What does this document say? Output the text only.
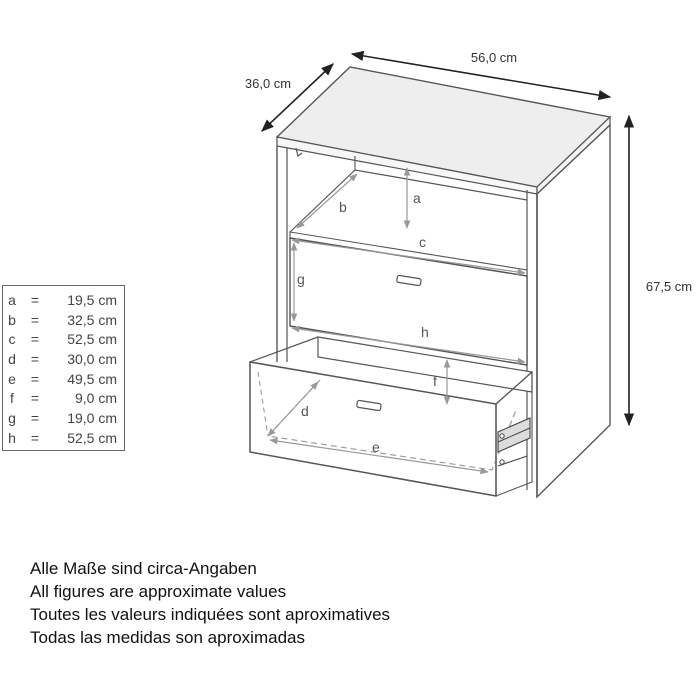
56,0 cm
36,0 cm
67,5 cm
a
b
c
d
e
f
g
h
a	=	19,5 cm
b	=	32,5 cm
c	=	52,5 cm
d	=	30,0 cm
e	=	49,5 cm
f	=	9,0 cm
g	=	19,0 cm
h	=	52,5 cm
Alle Maße sind circa-Angaben
All figures are approximate values
Toutes les valeurs indiquées sont aproximatives
Todas las medidas son aproximadas
